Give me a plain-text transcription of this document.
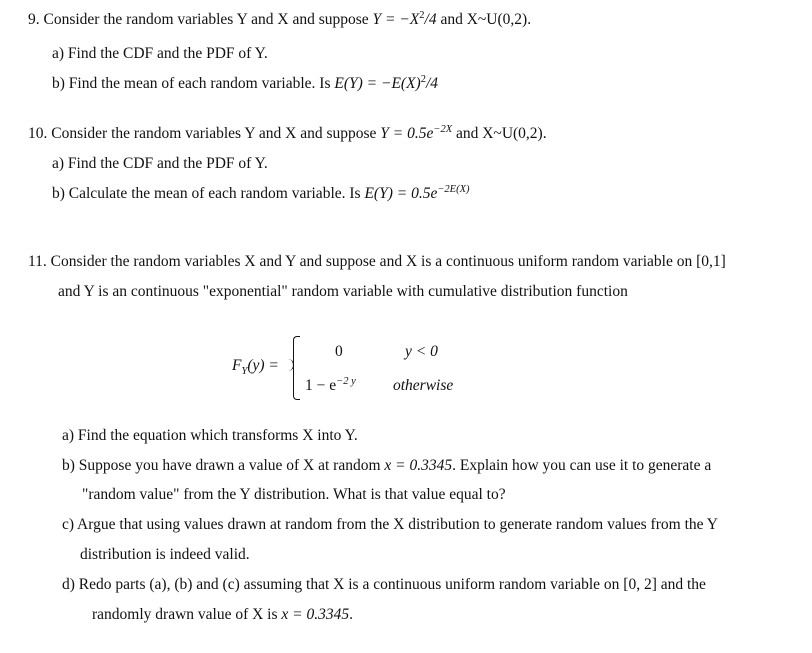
9. Consider the random variables Y and X and suppose $Y = -X^2/4$ and X~U(0,2).
a) Find the CDF and the PDF of Y.
b) Find the mean of each random variable. Is $E(Y) = -E(X)^2/4$
10. Consider the random variables Y and X and suppose $Y = 0.5e^{-2X}$ and X~U(0,2).
a) Find the CDF and the PDF of Y.
b) Calculate the mean of each random variable. Is $E(Y) = 0.5e^{-2E(X)}$
11. Consider the random variables X and Y and suppose and X is a continuous uniform random variable on [0,1]
and Y is an continuous "exponential" random variable with cumulative distribution function
$F_Y(y)$ =
0	y < 0
$1 - e^{-2 y}$ otherwise
a) Find the equation which transforms X into Y.
b) Suppose you have drawn a value of X at random x = 0.3345. Explain how you can use it to generate a
"random value" from the Y distribution. What is that value equal to?
c) Argue that using values drawn at random from the X distribution to generate random values from the Y
distribution is indeed valid.
d) Redo parts (a), (b) and (c) assuming that X is a continuous uniform random variable on [0, 2] and the
randomly drawn value of X is x = 0.3345.
